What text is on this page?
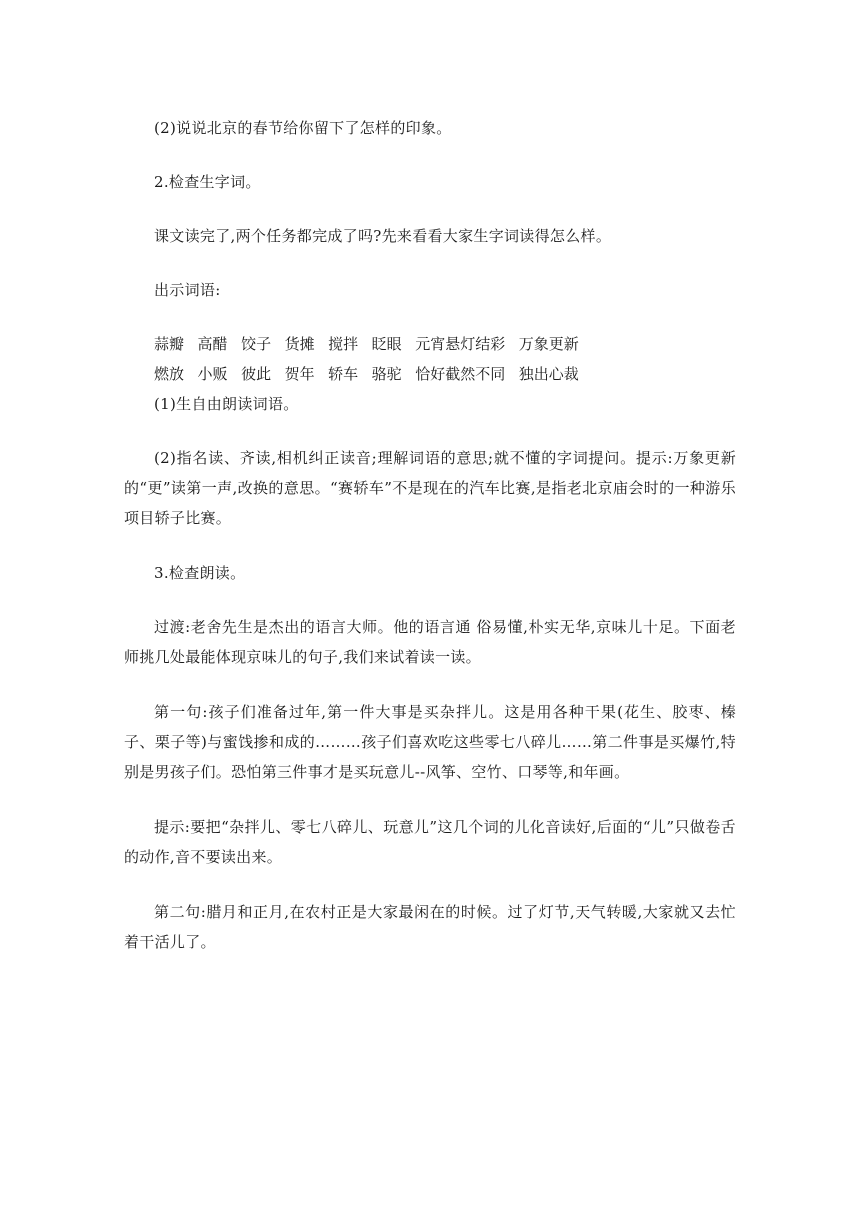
(2)说说北京的春节给你留下了怎样的印象。

2.检查生字词。

课文读完了,两个任务都完成了吗?先来看看大家生字词读得怎么样。

出示词语:

蒜瓣  高醋  饺子  货摊  搅拌  眨眼  元宵悬灯结彩  万象更新

燃放  小贩  彼此  贺年  轿车  骆驼  恰好截然不同  独出心裁

(1)生自由朗读词语。

(2)指名读、齐读,相机纠正读音;理解词语的意思;就不懂的字词提问。提示:万象更新的“更”读第一声,改换的意思。“赛轿车”不是现在的汽车比赛,是指老北京庙会时的一种游乐项目轿子比赛。

3.检查朗读。

过渡:老舍先生是杰出的语言大师。他的语言通 俗易懂,朴实无华,京味儿十足。下面老师挑几处最能体现京味儿的句子,我们来试着读一读。

第一句:孩子们准备过年,第一件大事是买杂拌儿。这是用各种干果(花生、胶枣、榛子、栗子等)与蜜饯掺和成的………孩子们喜欢吃这些零七八碎儿……第二件事是买爆竹,特别是男孩子们。恐怕第三件事才是买玩意儿--风筝、空竹、口琴等,和年画。

提示:要把“杂拌儿、零七八碎儿、玩意儿”这几个词的儿化音读好,后面的“儿”只做卷舌的动作,音不要读出来。

第二句:腊月和正月,在农村正是大家最闲在的时候。过了灯节,天气转暖,大家就又去忙着干活儿了。
